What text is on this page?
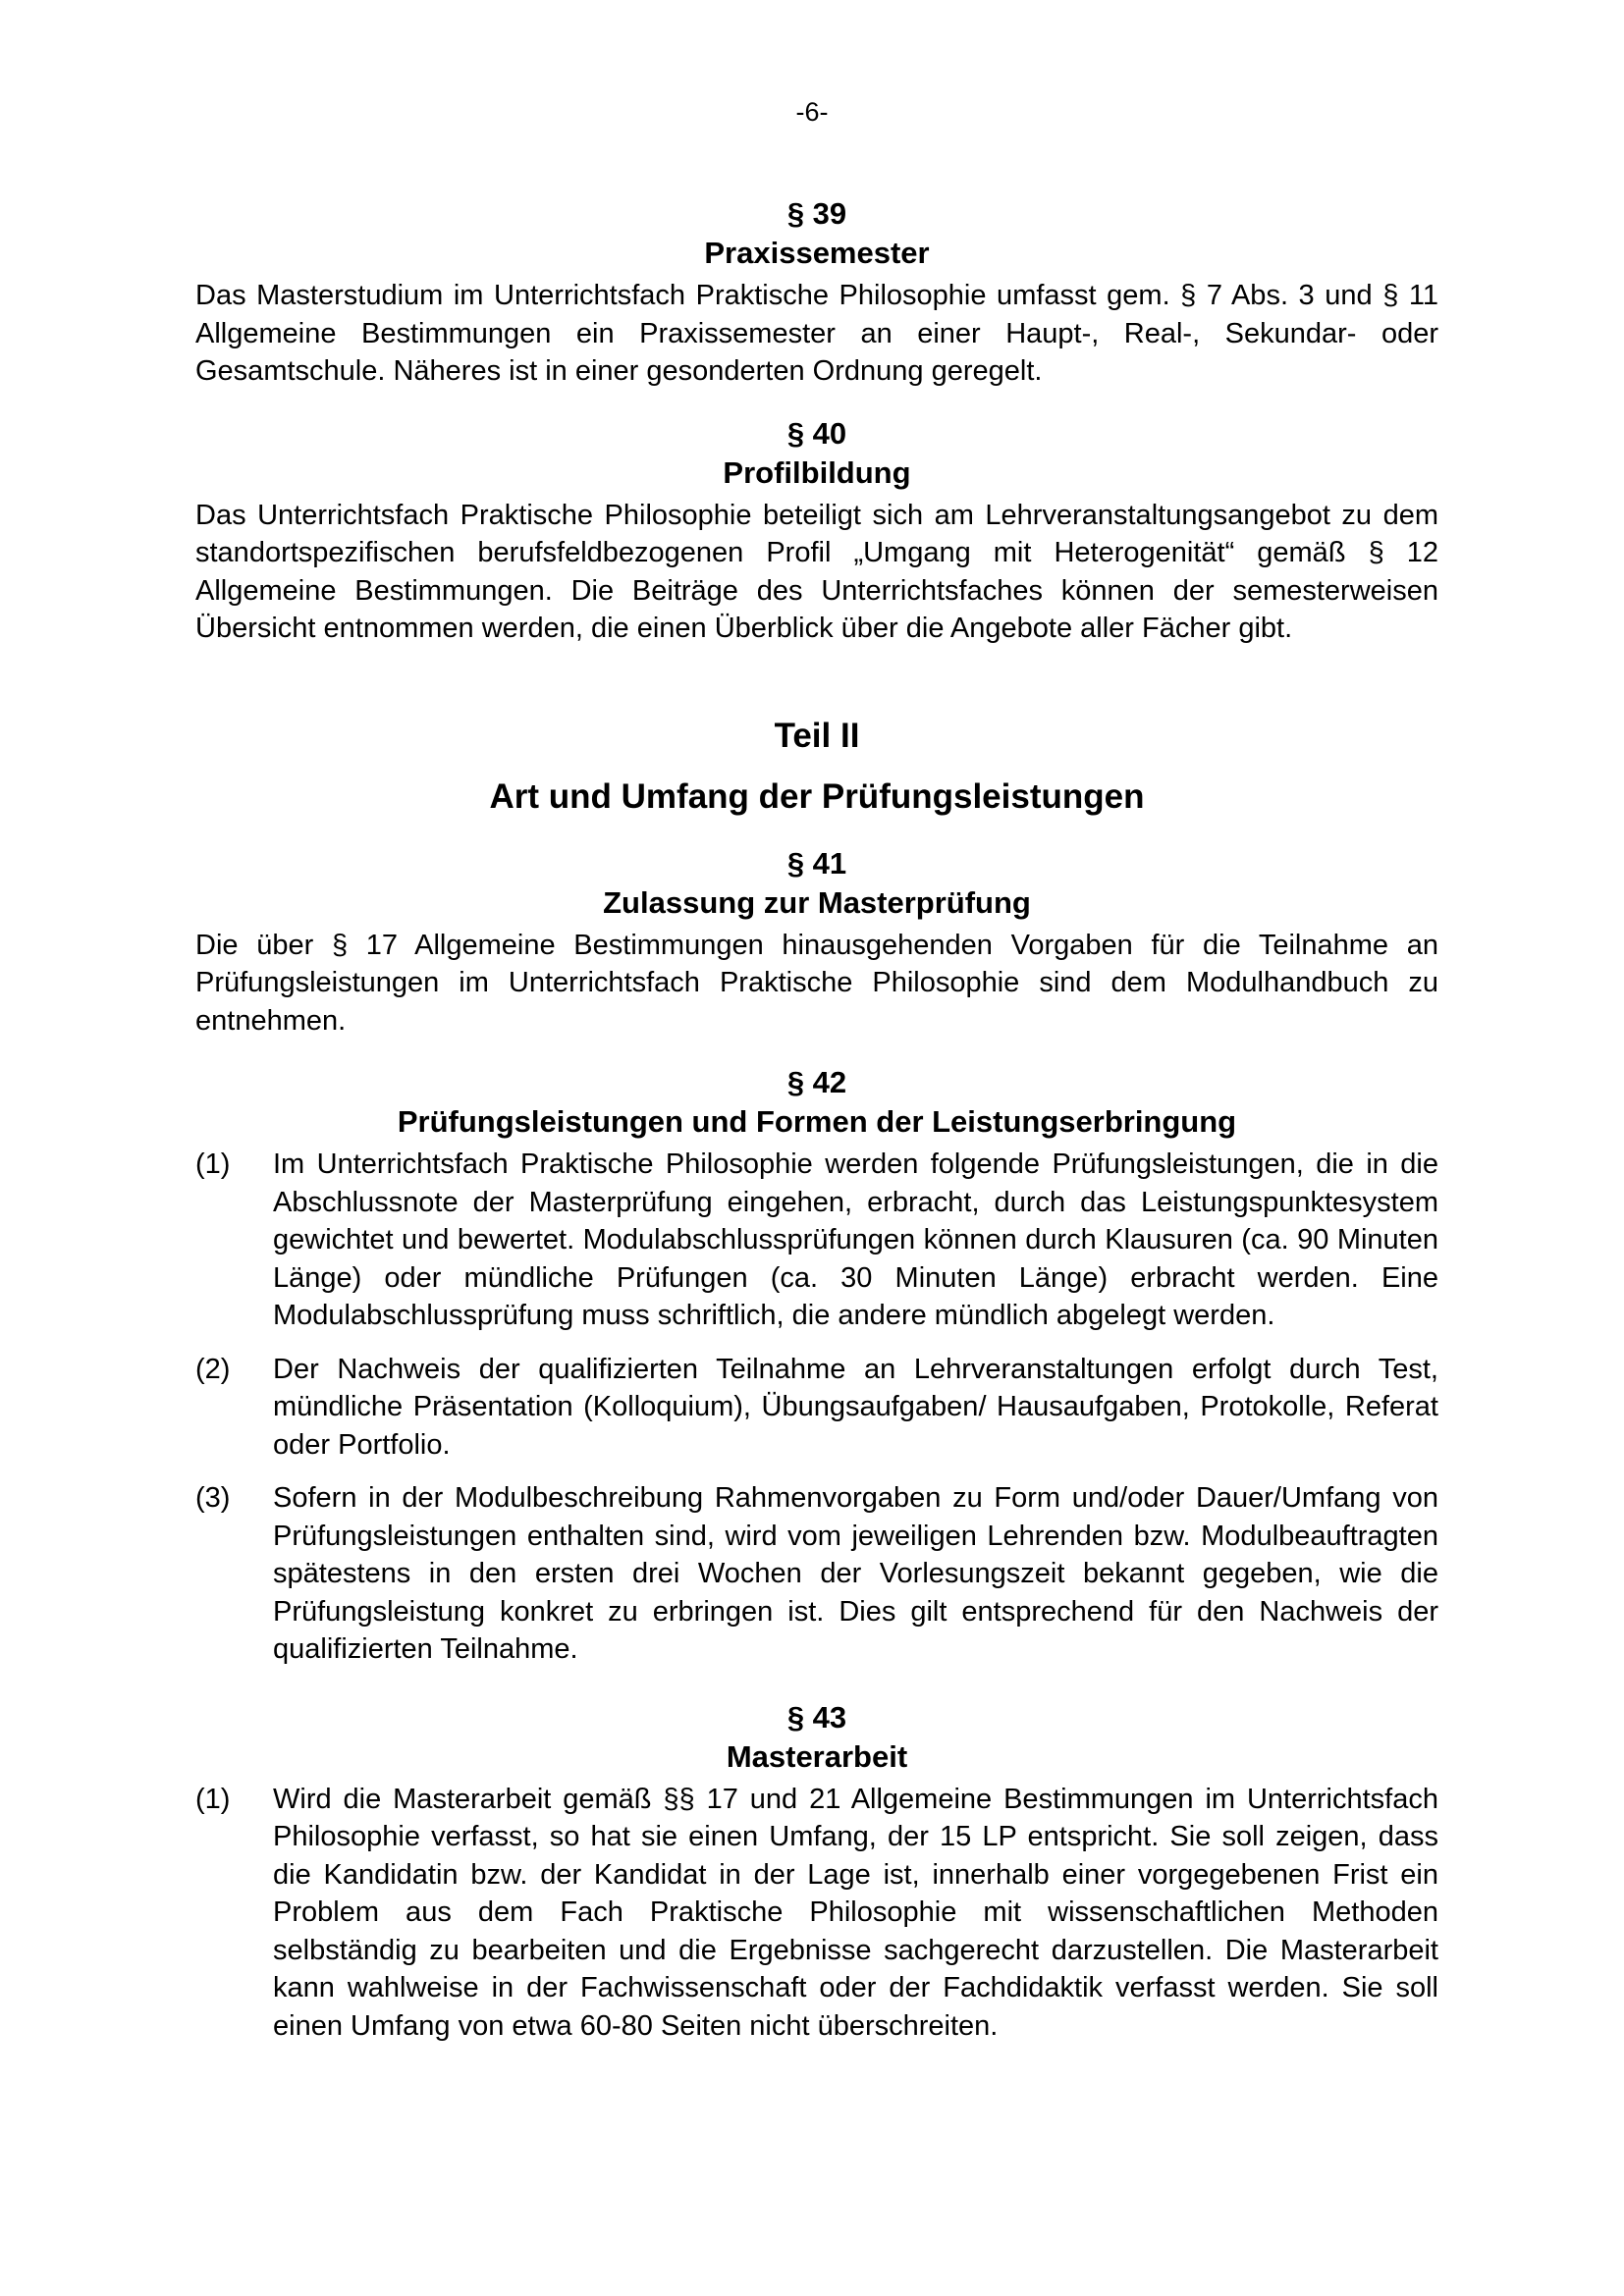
-6-

§ 39

Praxissemester

Das Masterstudium im Unterrichtsfach Praktische Philosophie umfasst gem. § 7 Abs. 3 und § 11 Allgemeine Bestimmungen ein Praxissemester an einer Haupt-, Real-, Sekundar- oder Gesamtschule. Näheres ist in einer gesonderten Ordnung geregelt.

§ 40

Profilbildung

Das Unterrichtsfach Praktische Philosophie beteiligt sich am Lehrveranstaltungsangebot zu dem standortspezifischen berufsfeldbezogenen Profil „Umgang mit Heterogenität“ gemäß § 12 Allgemeine Bestimmungen. Die Beiträge des Unterrichtsfaches können der semesterweisen Übersicht entnommen werden, die einen Überblick über die Angebote aller Fächer gibt.

Teil II

Art und Umfang der Prüfungsleistungen

§ 41

Zulassung zur Masterprüfung

Die über § 17 Allgemeine Bestimmungen hinausgehenden Vorgaben für die Teilnahme an Prüfungsleistungen im Unterrichtsfach Praktische Philosophie sind dem Modulhandbuch zu entnehmen.

§ 42

Prüfungsleistungen und Formen der Leistungserbringung

(1)	Im Unterrichtsfach Praktische Philosophie werden folgende Prüfungsleistungen, die in die Abschlussnote der Masterprüfung eingehen, erbracht, durch das Leistungspunktesystem gewichtet und bewertet. Modulabschlussprüfungen können durch Klausuren (ca. 90 Minuten Länge) oder mündliche Prüfungen (ca. 30 Minuten Länge) erbracht werden. Eine Modulabschlussprüfung muss schriftlich, die andere mündlich abgelegt werden.
(2)	Der Nachweis der qualifizierten Teilnahme an Lehrveranstaltungen erfolgt durch Test, mündliche Präsentation (Kolloquium), Übungsaufgaben/ Hausaufgaben, Protokolle, Referat oder Portfolio.
(3)	Sofern in der Modulbeschreibung Rahmenvorgaben zu Form und/oder Dauer/Umfang von Prüfungsleistungen enthalten sind, wird vom jeweiligen Lehrenden bzw. Modulbeauftragten spätestens in den ersten drei Wochen der Vorlesungszeit bekannt gegeben, wie die Prüfungsleistung konkret zu erbringen ist. Dies gilt entsprechend für den Nachweis der qualifizierten Teilnahme.

§ 43

Masterarbeit

(1)	Wird die Masterarbeit gemäß §§ 17 und 21 Allgemeine Bestimmungen im Unterrichtsfach Philosophie verfasst, so hat sie einen Umfang, der 15 LP entspricht. Sie soll zeigen, dass die Kandidatin bzw. der Kandidat in der Lage ist, innerhalb einer vorgegebenen Frist ein Problem aus dem Fach Praktische Philosophie mit wissenschaftlichen Methoden selbständig zu bearbeiten und die Ergebnisse sachgerecht darzustellen. Die Masterarbeit kann wahlweise in der Fachwissenschaft oder der Fachdidaktik verfasst werden. Sie soll einen Umfang von etwa 60-80 Seiten nicht überschreiten.
